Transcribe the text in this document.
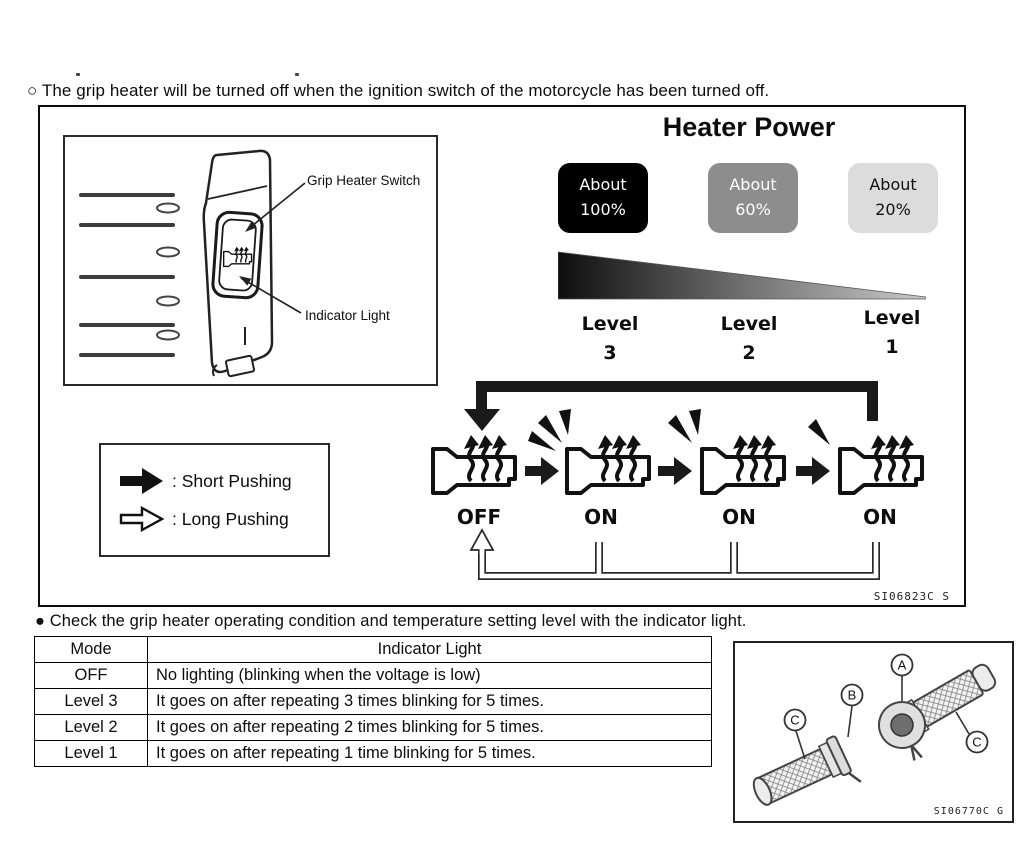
○ The grip heater will be turned off when the ignition switch of the motorcycle has been turned off.
Grip Heater Switch
Indicator Light
: Short Pushing
: Long Pushing
Heater Power
About
100%
About
60%
About
20%
Level
3
Level
2
Level
1
OFF	ON	ON	ON
SI06823C S
● Check the grip heater operating condition and temperature setting level with the indicator light.
Mode	Indicator Light
OFF	No lighting (blinking when the voltage is low)
Level 3	It goes on after repeating 3 times blinking for 5 times.
Level 2	It goes on after repeating 2 times blinking for 5 times.
Level 1	It goes on after repeating 1 time blinking for 5 times.
A
B
C
C
SI06770C G
